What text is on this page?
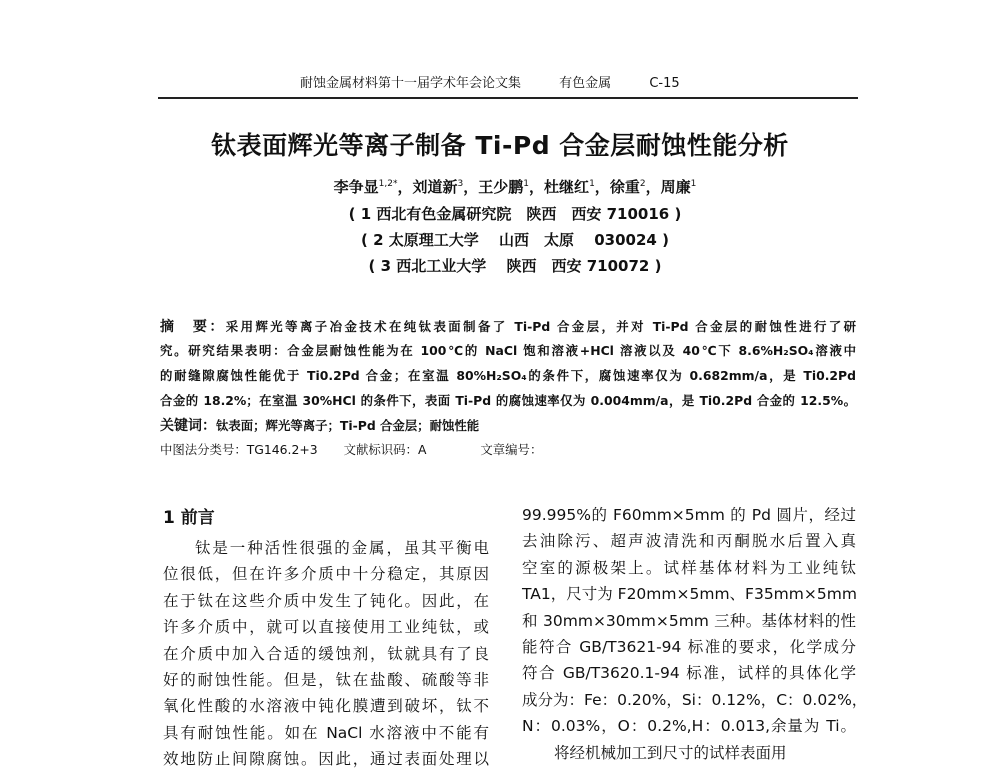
耐蚀金属材料第十一届学术年会论文集	有色金属	C-15
钛表面辉光等离子制备 Ti-Pd 合金层耐蚀性能分析
李争显$^{1,2*}$，刘道新$^3$，王少鹏$^1$，杜继红$^1$，徐重$^2$，周廉$^1$
( 1 西北有色金属研究院　陕西　西安 710016 )
( 2 太原理工大学　 山西　太原　 030024 )
( 3 西北工业大学　 陕西　西安 710072 )
摘　要：采用辉光等离子冶金技术在纯钛表面制备了 Ti-Pd 合金层，并对 Ti-Pd 合金层的耐蚀性进行了研
究。研究结果表明：合金层耐蚀性能为在 100℃的 NaCl 饱和溶液+HCl 溶液以及 40℃下 8.6%H₂SO₄溶液中
的耐缝隙腐蚀性能优于 Ti0.2Pd 合金；在室温 80%H₂SO₄的条件下，腐蚀速率仅为 0.682mm/a，是 Ti0.2Pd
合金的 18.2%；在室温 30%HCl 的条件下，表面 Ti-Pd 的腐蚀速率仅为 0.004mm/a，是 Ti0.2Pd 合金的 12.5%。
关键词：钛表面；辉光等离子；Ti-Pd 合金层；耐蚀性能
中图法分类号：TG146.2+3 文献标识码：A	文章编号：
1 前言
钛是一种活性很强的金属，虽其平衡电
位很低，但在许多介质中十分稳定，其原因
在于钛在这些介质中发生了钝化。因此，在
许多介质中，就可以直接使用工业纯钛，或
在介质中加入合适的缓蚀剂，钛就具有了良
好的耐蚀性能。但是，钛在盐酸、硫酸等非
氧化性酸的水溶液中钝化膜遭到破坏，钛不
具有耐蚀性能。如在 NaCl 水溶液中不能有
效地防止间隙腐蚀。因此，通过表面处理以
99.995%的 F60mm×5mm 的 Pd 圆片，经过
去油除污、超声波清洗和丙酮脱水后置入真
空室的源极架上。试样基体材料为工业纯钛
TA1，尺寸为 F20mm×5mm、F35mm×5mm
和 30mm×30mm×5mm 三种。基体材料的性
能符合 GB/T3621-94 标准的要求，化学成分
符合 GB/T3620.1-94 标准，试样的具体化学
成分为：Fe：0.20%，Si：0.12%，C：0.02%，
N：0.03%，O：0.2%,H：0.013,余量为 Ti。
将经机械加工到尺寸的试样表面用
